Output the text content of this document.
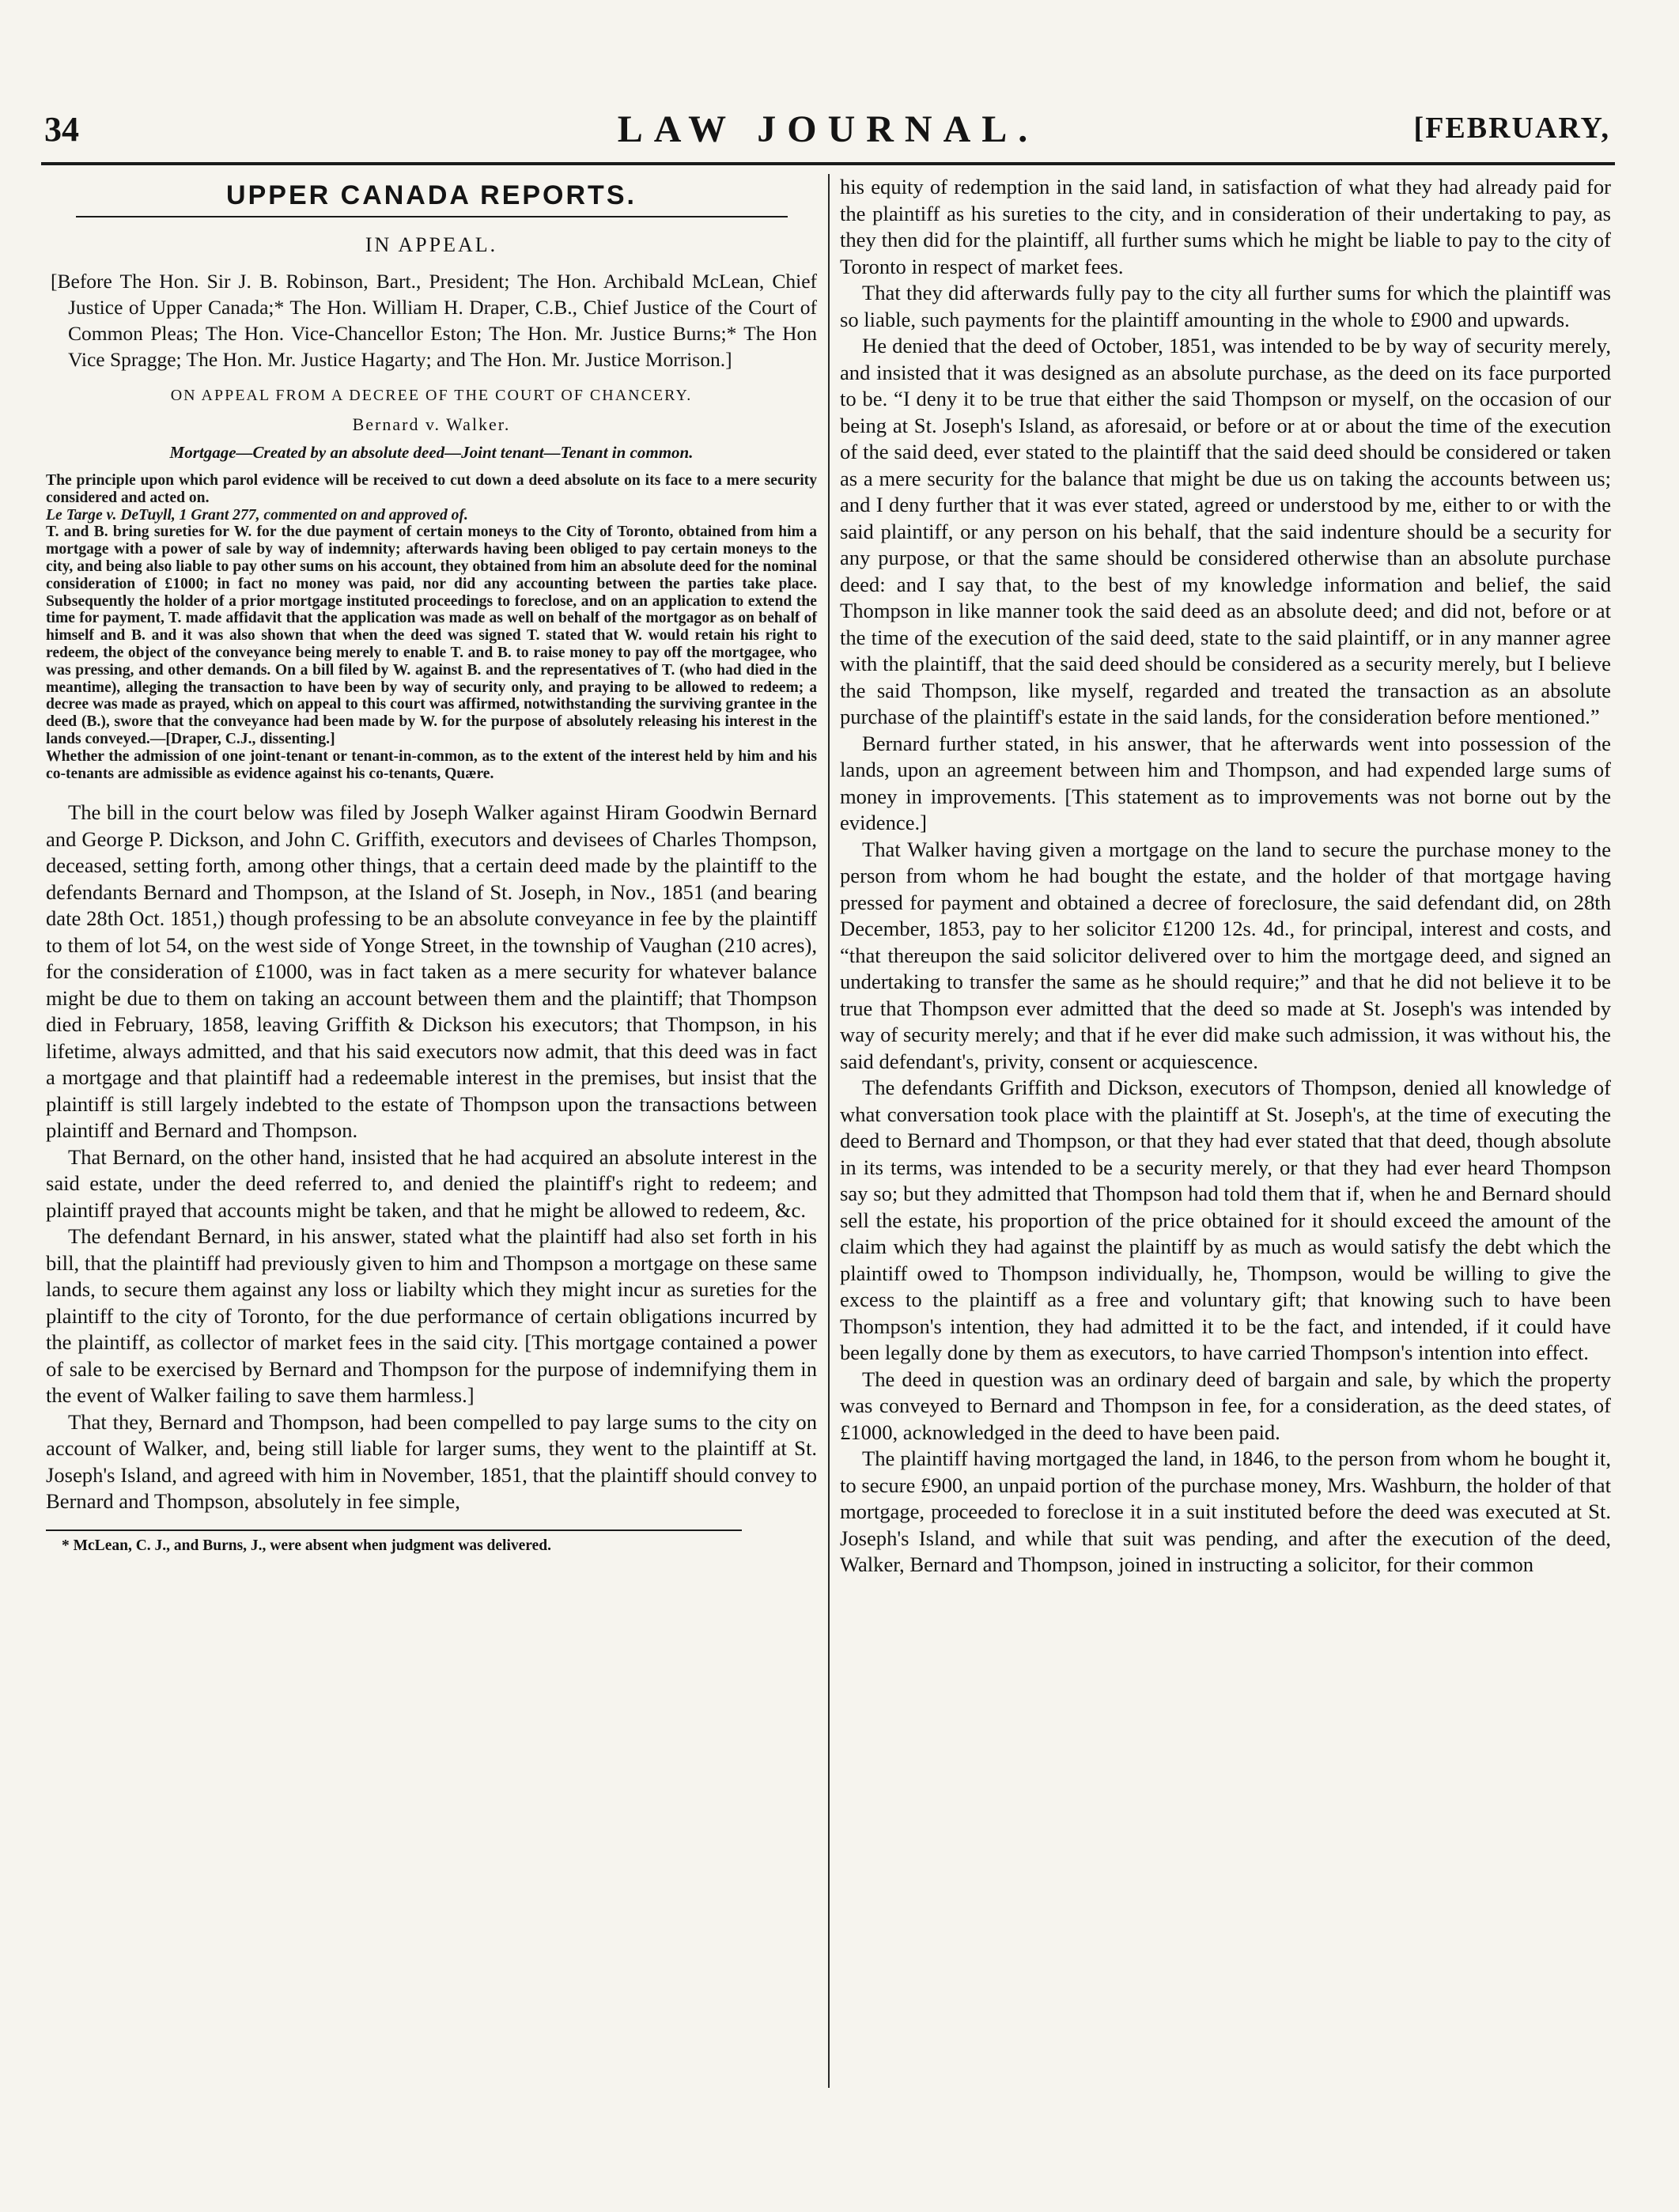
34	LAW JOURNAL.	[FEBRUARY,
UPPER CANADA REPORTS.
IN APPEAL.

[Before The Hon. Sir J. B. Robinson, Bart., President; The Hon. Archibald McLean, Chief Justice of Upper Canada;* The Hon. William H. Draper, C.B., Chief Justice of the Court of Common Pleas; The Hon. Vice-Chancellor Eston; The Hon. Mr. Justice Burns;* The Hon Vice Spragge; The Hon. Mr. Justice Hagarty; and The Hon. Mr. Justice Morrison.]

ON APPEAL FROM A DECREE OF THE COURT OF CHANCERY.
Bernard v. Walker.
Mortgage—Created by an absolute deed—Joint tenant—Tenant in common.

The principle upon which parol evidence will be received to cut down a deed absolute on its face to a mere security considered and acted on.

Le Targe v. DeTuyll, 1 Grant 277, commented on and approved of.

T. and B. bring sureties for W. for the due payment of certain moneys to the City of Toronto, obtained from him a mortgage with a power of sale by way of indemnity; afterwards having been obliged to pay certain moneys to the city, and being also liable to pay other sums on his account, they obtained from him an absolute deed for the nominal consideration of £1000; in fact no money was paid, nor did any accounting between the parties take place. Subsequently the holder of a prior mortgage instituted proceedings to foreclose, and on an application to extend the time for payment, T. made affidavit that the application was made as well on behalf of the mortgagor as on behalf of himself and B. and it was also shown that when the deed was signed T. stated that W. would retain his right to redeem, the object of the conveyance being merely to enable T. and B. to raise money to pay off the mortgagee, who was pressing, and other demands. On a bill filed by W. against B. and the representatives of T. (who had died in the meantime), alleging the transaction to have been by way of security only, and praying to be allowed to redeem; a decree was made as prayed, which on appeal to this court was affirmed, notwithstanding the surviving grantee in the deed (B.), swore that the conveyance had been made by W. for the purpose of absolutely releasing his interest in the lands conveyed.—[Draper, C.J., dissenting.]

Whether the admission of one joint-tenant or tenant-in-common, as to the extent of the interest held by him and his co-tenants are admissible as evidence against his co-tenants, Quære.

The bill in the court below was filed by Joseph Walker against Hiram Goodwin Bernard and George P. Dickson, and John C. Griffith, executors and devisees of Charles Thompson, deceased, setting forth, among other things, that a certain deed made by the plaintiff to the defendants Bernard and Thompson, at the Island of St. Joseph, in Nov., 1851 (and bearing date 28th Oct. 1851,) though professing to be an absolute conveyance in fee by the plaintiff to them of lot 54, on the west side of Yonge Street, in the township of Vaughan (210 acres), for the consideration of £1000, was in fact taken as a mere security for whatever balance might be due to them on taking an account between them and the plaintiff; that Thompson died in February, 1858, leaving Griffith & Dickson his executors; that Thompson, in his lifetime, always admitted, and that his said executors now admit, that this deed was in fact a mortgage and that plaintiff had a redeemable interest in the premises, but insist that the plaintiff is still largely indebted to the estate of Thompson upon the transactions between plaintiff and Bernard and Thompson.

That Bernard, on the other hand, insisted that he had acquired an absolute interest in the said estate, under the deed referred to, and denied the plaintiff's right to redeem; and plaintiff prayed that accounts might be taken, and that he might be allowed to redeem, &c.

The defendant Bernard, in his answer, stated what the plaintiff had also set forth in his bill, that the plaintiff had previously given to him and Thompson a mortgage on these same lands, to secure them against any loss or liabilty which they might incur as sureties for the plaintiff to the city of Toronto, for the due performance of certain obligations incurred by the plaintiff, as collector of market fees in the said city. [This mortgage contained a power of sale to be exercised by Bernard and Thompson for the purpose of indemnifying them in the event of Walker failing to save them harmless.]

That they, Bernard and Thompson, had been compelled to pay large sums to the city on account of Walker, and, being still liable for larger sums, they went to the plaintiff at St. Joseph's Island, and agreed with him in November, 1851, that the plaintiff should convey to Bernard and Thompson, absolutely in fee simple,

* McLean, C. J., and Burns, J., were absent when judgment was delivered.

his equity of redemption in the said land, in satisfaction of what they had already paid for the plaintiff as his sureties to the city, and in consideration of their undertaking to pay, as they then did for the plaintiff, all further sums which he might be liable to pay to the city of Toronto in respect of market fees.

That they did afterwards fully pay to the city all further sums for which the plaintiff was so liable, such payments for the plaintiff amounting in the whole to £900 and upwards.

He denied that the deed of October, 1851, was intended to be by way of security merely, and insisted that it was designed as an absolute purchase, as the deed on its face purported to be. “I deny it to be true that either the said Thompson or myself, on the occasion of our being at St. Joseph's Island, as aforesaid, or before or at or about the time of the execution of the said deed, ever stated to the plaintiff that the said deed should be considered or taken as a mere security for the balance that might be due us on taking the accounts between us; and I deny further that it was ever stated, agreed or understood by me, either to or with the said plaintiff, or any person on his behalf, that the said indenture should be a security for any purpose, or that the same should be considered otherwise than an absolute purchase deed: and I say that, to the best of my knowledge information and belief, the said Thompson in like manner took the said deed as an absolute deed; and did not, before or at the time of the execution of the said deed, state to the said plaintiff, or in any manner agree with the plaintiff, that the said deed should be considered as a security merely, but I believe the said Thompson, like myself, regarded and treated the transaction as an absolute purchase of the plaintiff's estate in the said lands, for the consideration before mentioned.”

Bernard further stated, in his answer, that he afterwards went into possession of the lands, upon an agreement between him and Thompson, and had expended large sums of money in improvements. [This statement as to improvements was not borne out by the evidence.]

That Walker having given a mortgage on the land to secure the purchase money to the person from whom he had bought the estate, and the holder of that mortgage having pressed for payment and obtained a decree of foreclosure, the said defendant did, on 28th December, 1853, pay to her solicitor £1200 12s. 4d., for principal, interest and costs, and “that thereupon the said solicitor delivered over to him the mortgage deed, and signed an undertaking to transfer the same as he should require;” and that he did not believe it to be true that Thompson ever admitted that the deed so made at St. Joseph's was intended by way of security merely; and that if he ever did make such admission, it was without his, the said defendant's, privity, consent or acquiescence.

The defendants Griffith and Dickson, executors of Thompson, denied all knowledge of what conversation took place with the plaintiff at St. Joseph's, at the time of executing the deed to Bernard and Thompson, or that they had ever stated that that deed, though absolute in its terms, was intended to be a security merely, or that they had ever heard Thompson say so; but they admitted that Thompson had told them that if, when he and Bernard should sell the estate, his proportion of the price obtained for it should exceed the amount of the claim which they had against the plaintiff by as much as would satisfy the debt which the plaintiff owed to Thompson individually, he, Thompson, would be willing to give the excess to the plaintiff as a free and voluntary gift; that knowing such to have been Thompson's intention, they had admitted it to be the fact, and intended, if it could have been legally done by them as executors, to have carried Thompson's intention into effect.

The deed in question was an ordinary deed of bargain and sale, by which the property was conveyed to Bernard and Thompson in fee, for a consideration, as the deed states, of £1000, acknowledged in the deed to have been paid.

The plaintiff having mortgaged the land, in 1846, to the person from whom he bought it, to secure £900, an unpaid portion of the purchase money, Mrs. Washburn, the holder of that mortgage, proceeded to foreclose it in a suit instituted before the deed was executed at St. Joseph's Island, and while that suit was pending, and after the execution of the deed, Walker, Bernard and Thompson, joined in instructing a solicitor, for their common
